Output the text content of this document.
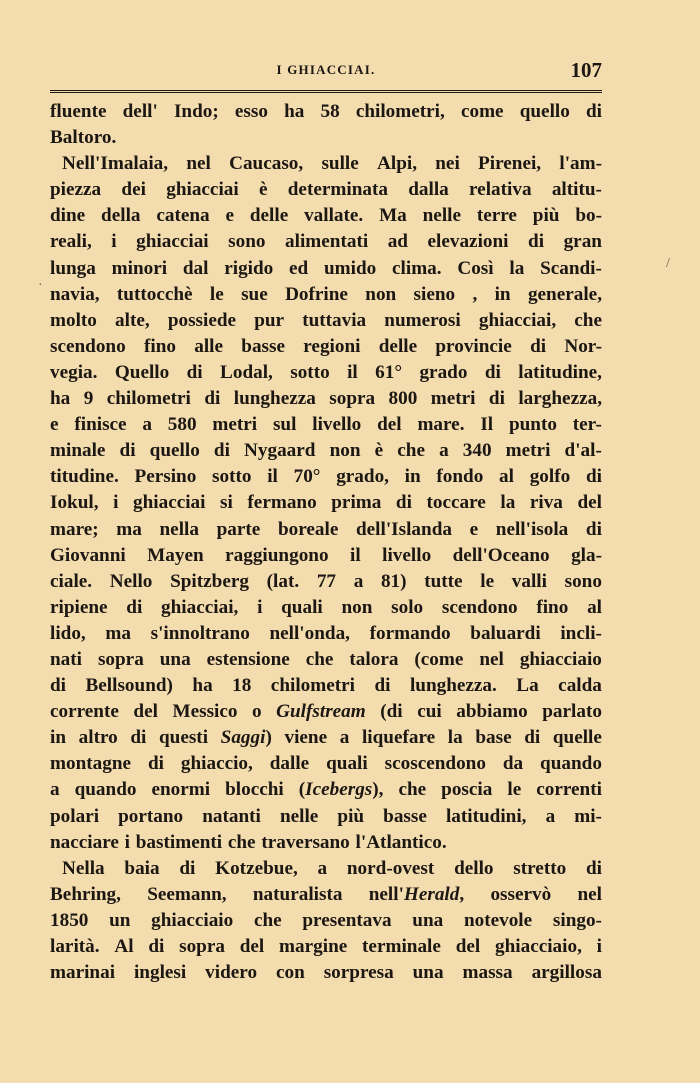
I GHIACCIAI.	107
fluente dell' Indo; esso ha 58 chilometri, come quello di
Baltoro.
Nell'Imalaia, nel Caucaso, sulle Alpi, nei Pirenei, l'am-
piezza dei ghiacciai è determinata dalla relativa altitu-
dine della catena e delle vallate. Ma nelle terre più bo-
reali, i ghiacciai sono alimentati ad elevazioni di gran
lunga minori dal rigido ed umido clima. Così la Scandi-
navia, tuttocchè le sue Dofrine non sieno , in generale,
molto alte, possiede pur tuttavia numerosi ghiacciai, che
scendono fino alle basse regioni delle provincie di Nor-
vegia. Quello di Lodal, sotto il 61° grado di latitudine,
ha 9 chilometri di lunghezza sopra 800 metri di larghezza,
e finisce a 580 metri sul livello del mare. Il punto ter-
minale di quello di Nygaard non è che a 340 metri d'al-
titudine. Persino sotto il 70° grado, in fondo al golfo di
Iokul, i ghiacciai si fermano prima di toccare la riva del
mare; ma nella parte boreale dell'Islanda e nell'isola di
Giovanni Mayen raggiungono il livello dell'Oceano gla-
ciale. Nello Spitzberg (lat. 77 a 81) tutte le valli sono
ripiene di ghiacciai, i quali non solo scendono fino al
lido, ma s'innoltrano nell'onda, formando baluardi incli-
nati sopra una estensione che talora (come nel ghiacciaio
di Bellsound) ha 18 chilometri di lunghezza. La calda
corrente del Messico o Gulfstream (di cui abbiamo parlato
in altro di questi Saggi) viene a liquefare la base di quelle
montagne di ghiaccio, dalle quali scoscendono da quando
a quando enormi blocchi (Icebergs), che poscia le correnti
polari portano natanti nelle più basse latitudini, a mi-
nacciare i bastimenti che traversano l'Atlantico.
Nella baia di Kotzebue, a nord-ovest dello stretto di
Behring, Seemann, naturalista nell'Herald, osservò nel
1850 un ghiacciaio che presentava una notevole singo-
larità. Al di sopra del margine terminale del ghiacciaio, i
marinai inglesi videro con sorpresa una massa argillosa
/
·
